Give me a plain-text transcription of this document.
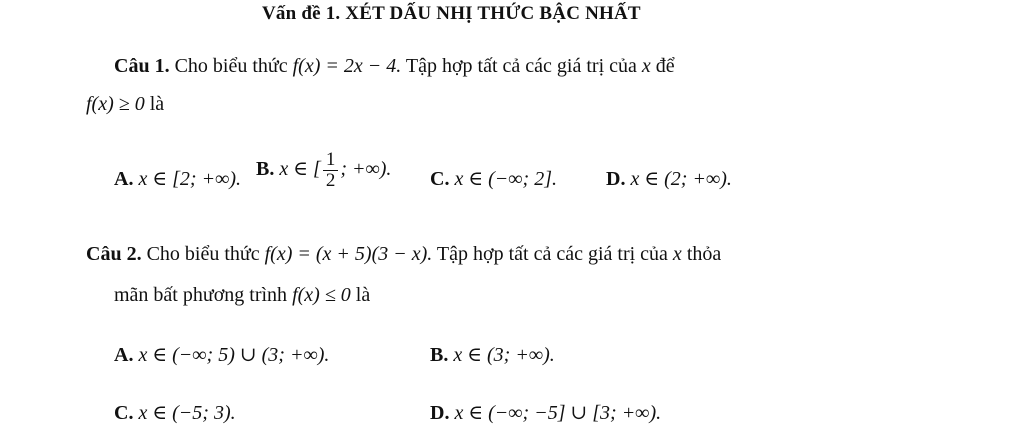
Vấn đề 1. XÉT DẤU NHỊ THỨC BẬC NHẤT
Câu 1. Cho biểu thức f(x) = 2x − 4. Tập hợp tất cả các giá trị của x để
f(x) ≥ 0 là
A. x ∈ [2; +∞). B. x ∈ [ $\frac{1}{2}$ ; +∞). C. x ∈ (−∞; 2]. D. x ∈ (2; +∞).
Câu 2. Cho biểu thức f(x) = (x + 5)(3 − x). Tập hợp tất cả các giá trị của x thỏa
mãn bất phương trình f(x) ≤ 0 là
A. x ∈ (−∞; 5) ∪ (3; +∞).	B. x ∈ (3; +∞).
C. x ∈ (−5; 3).	D. x ∈ (−∞; −5] ∪ [3; +∞).
